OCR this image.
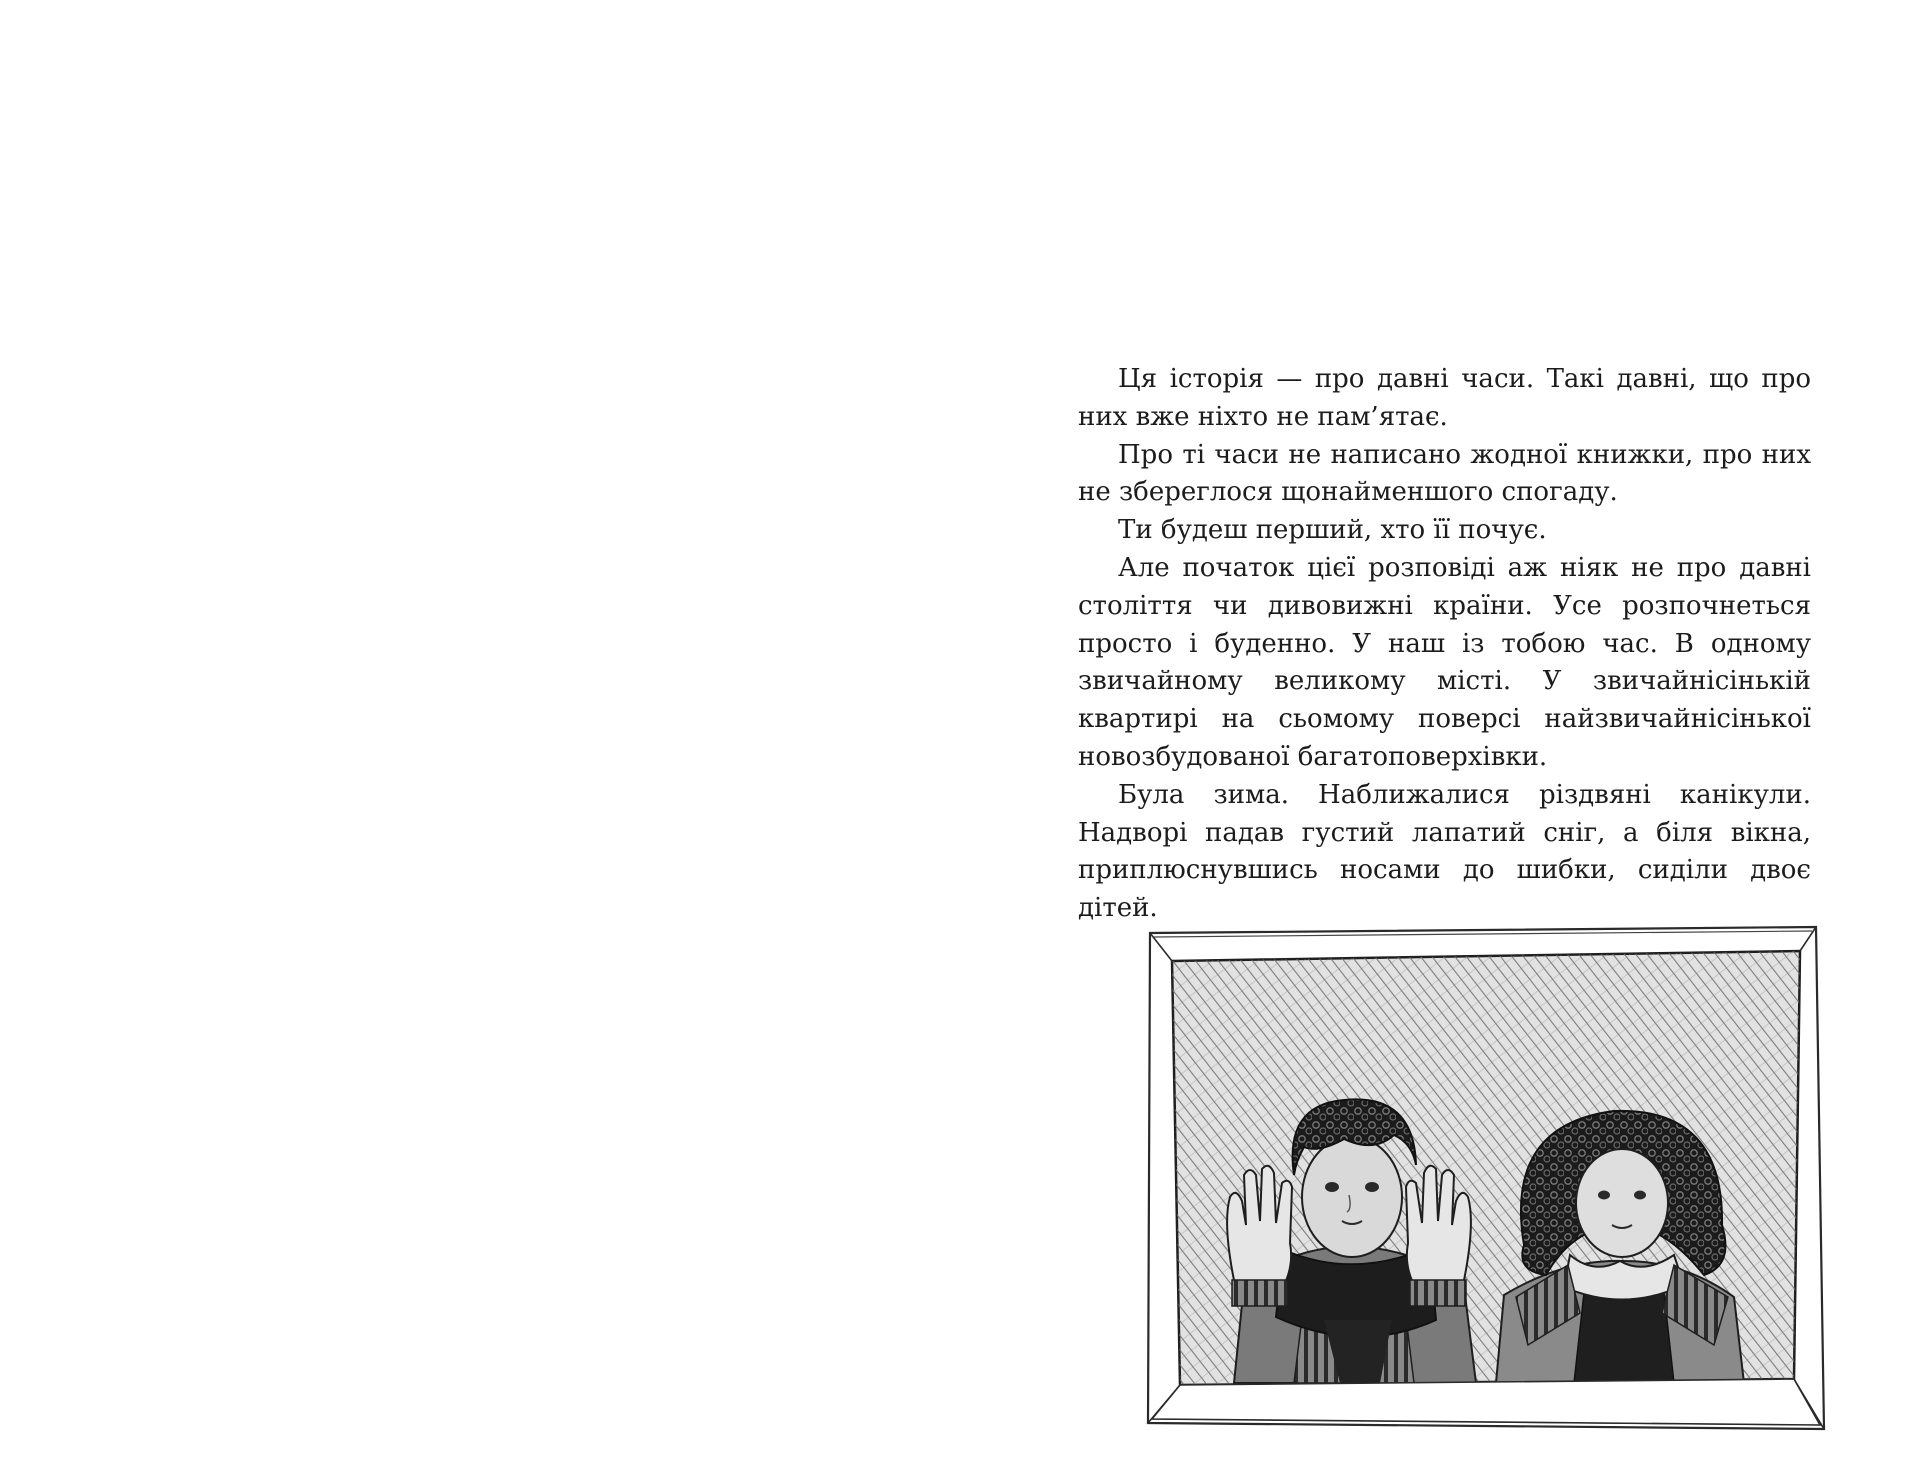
Ця історія — про давні часи. Такі давні, що про них вже ніхто не пам’ятає.

Про ті часи не написано жодної книжки, про них не збереглося щонайменшого спогаду.

Ти будеш перший, хто її почує.

Але початок цієї розповіді аж ніяк не про давні століття чи дивовижні країни. Усе розпочнеться просто і буденно. У наш із тобою час. В одному звичайному великому місті. У звичайнісінькій квартирі на сьомому поверсі найзвичайнісінької новозбудованої багатоповерхівки.

Була зима. Наближалися різдвяні канікули. Надворі падав густий лапатий сніг, а біля вікна, приплюснувшись носами до шибки, сиділи двоє дітей.
